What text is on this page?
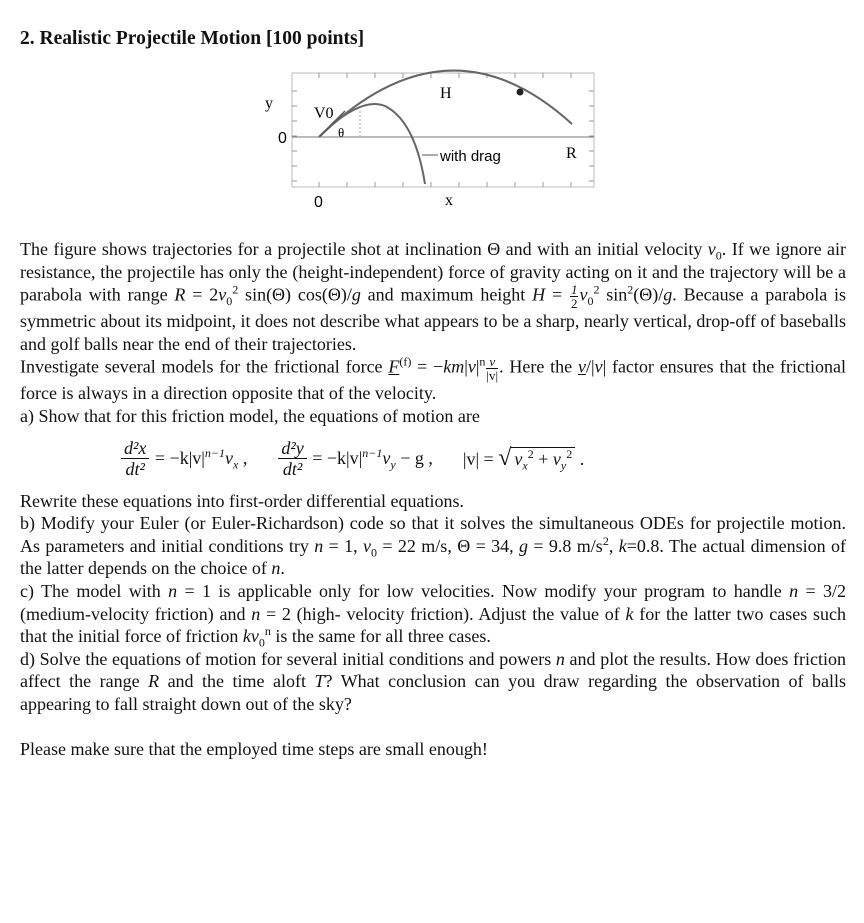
2. Realistic Projectile Motion [100 points]
y
0
0	x
V0
θ
H
R
with drag

The figure shows trajectories for a projectile shot at inclination Θ and with an initial velocity $v_0$. If we ignore air resistance, the projectile has only the (height-independent) force of gravity acting on it and the trajectory will be a parabola with range $R = 2v_0^2$ sin(Θ) cos(Θ)/g and maximum height $H = \frac{1}{2} v_0^2$ $\sin^2(\Theta)/g$. Because a parabola is symmetric about its midpoint, it does not describe what appears to be a sharp, nearly vertical, drop-off of baseballs and golf balls near the end of their trajectories.

Investigate several models for the frictional force $F^{(f)} = -km|v|^n \frac{v}{|v|}$ . Here the v/|v| factor ensures that the frictional force is always in a direction opposite that of the velocity.

a) Show that for this friction model, the equations of motion are

$\frac{\text{d²x}}{\text{dt²}} = -k|v|^{n-1}v_x$ , $\frac{\text{d²y}}{\text{dt²}} = -k|v|^{n-1}v_y - g$ , |v| = √ $v_x^2 + v_y^2$ .

Rewrite these equations into first-order differential equations.

b) Modify your Euler (or Euler-Richardson) code so that it solves the simultaneous ODEs for projectile motion. As parameters and initial conditions try n = 1, $v_0 = 22$ m/s, Θ = 34, g = 9.8 $m/s^2$, k=0.8. The actual dimension of the latter depends on the choice of n.

c) The model with n = 1 is applicable only for low velocities. Now modify your program to handle n = 3/2 (medium-velocity friction) and n = 2 (high- velocity friction). Adjust the value of k for the latter two cases such that the initial force of friction $kv_0^n$ is the same for all three cases.

d) Solve the equations of motion for several initial conditions and powers n and plot the results. How does friction affect the range R and the time aloft T? What conclusion can you draw regarding the observation of balls appearing to fall straight down out of the sky?

Please make sure that the employed time steps are small enough!
